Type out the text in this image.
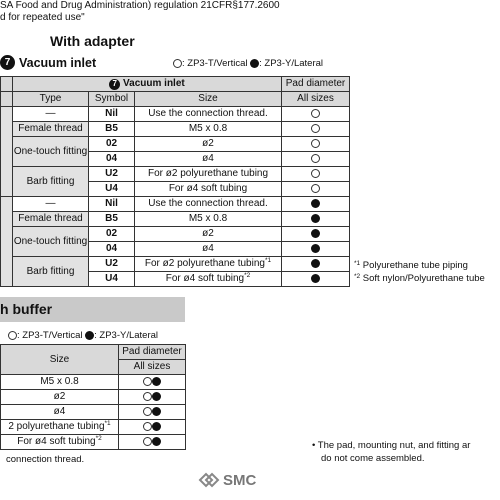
SA Food and Drug Administration) regulation 21CFR§177.2600
d for repeated use"
With adapter
7 Vacuum inlet	: ZP3-T/Vertical : ZP3-Y/Lateral
	7 Vacuum inlet			Pad diameter
	Type	Symbol	Size	All sizes
	—	Nil	Use the connection thread.	
	Female thread	B5	M5 x 0.8	
	One-touch fitting	02	ø2	
		04	ø4	
	Barb fitting	U2	For ø2 polyurethane tubing	
		U4	For ø4 soft tubing	
	—	Nil	Use the connection thread.	
	Female thread	B5	M5 x 0.8	
	One-touch fitting	02	ø2	
		04	ø4	
	Barb fitting	U2	For ø2 polyurethane tubing$^{*1}$	
		U4	For ø4 soft tubing$^{*2}$	
$^{*1}$ Polyurethane tube piping
$^{*2}$ Soft nylon/Polyurethane tube
h buffer
: ZP3-T/Vertical : ZP3-Y/Lateral
Size	Pad diameter
	All sizes
M5 x 0.8	
ø2	
ø4	
2 polyurethane tubing$^{*1}$	
For ø4 soft tubing$^{*2}$	
connection thread.
• The pad, mounting nut, and fitting ar
do not come assembled.
SMC
